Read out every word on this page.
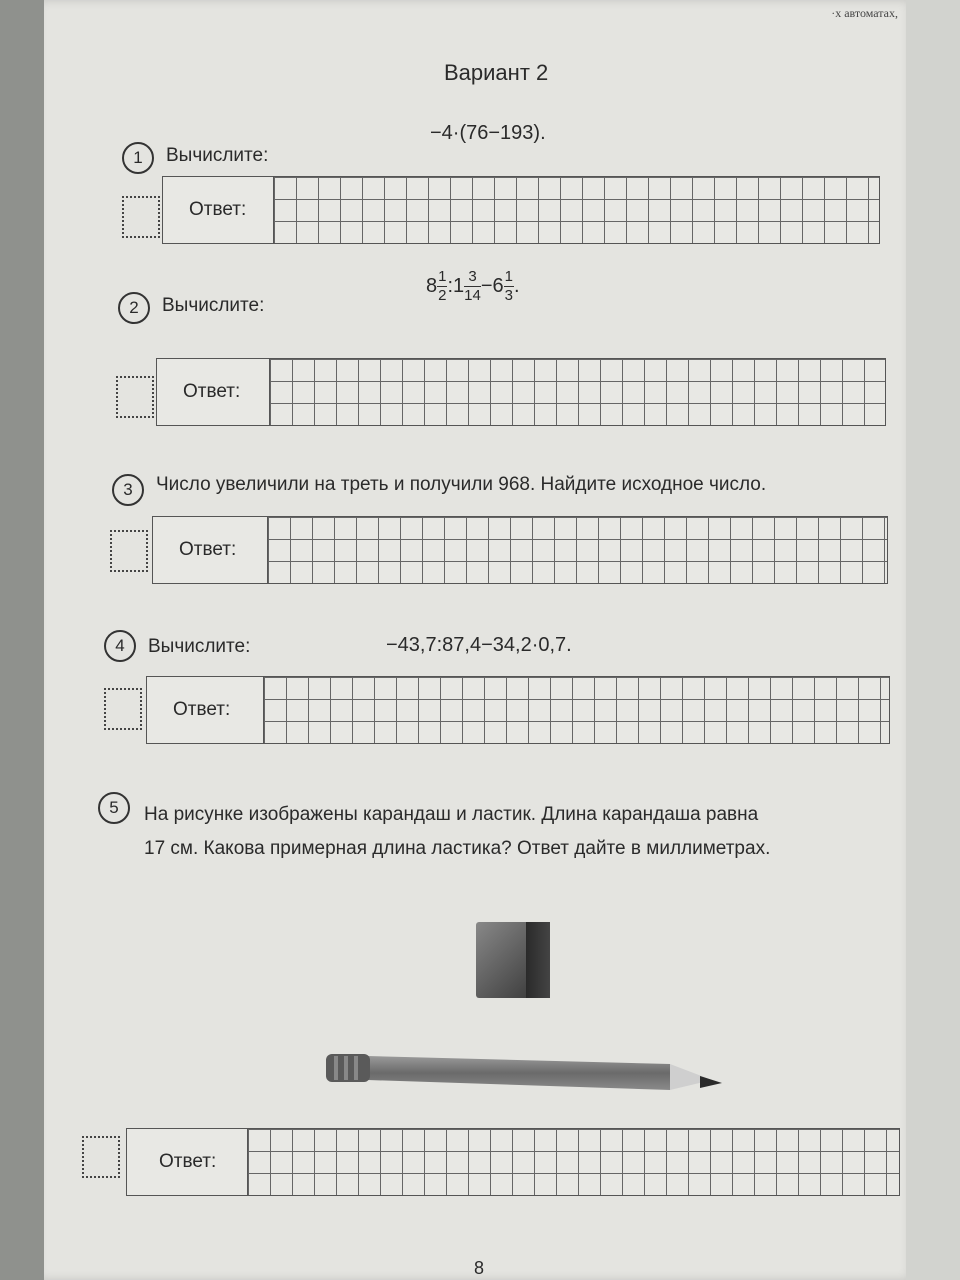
·х автоматах,
Вариант 2
1	Вычислите:
−4·(76−193).
Ответ:
2	Вычислите:
$8 \frac{1}{2}$ :1 $\frac{3}{14} -6 \frac{1}{3}$ .
Ответ:
3	Число увеличили на треть и получили 968. Найдите исходное число.
Ответ:
4	Вычислите:	−43,7:87,4−34,2·0,7.
Ответ:
5	На рисунке изображены карандаш и ластик. Длина карандаша равна
17 см. Какова примерная длина ластика? Ответ дайте в миллиметрах.
Ответ:
8
